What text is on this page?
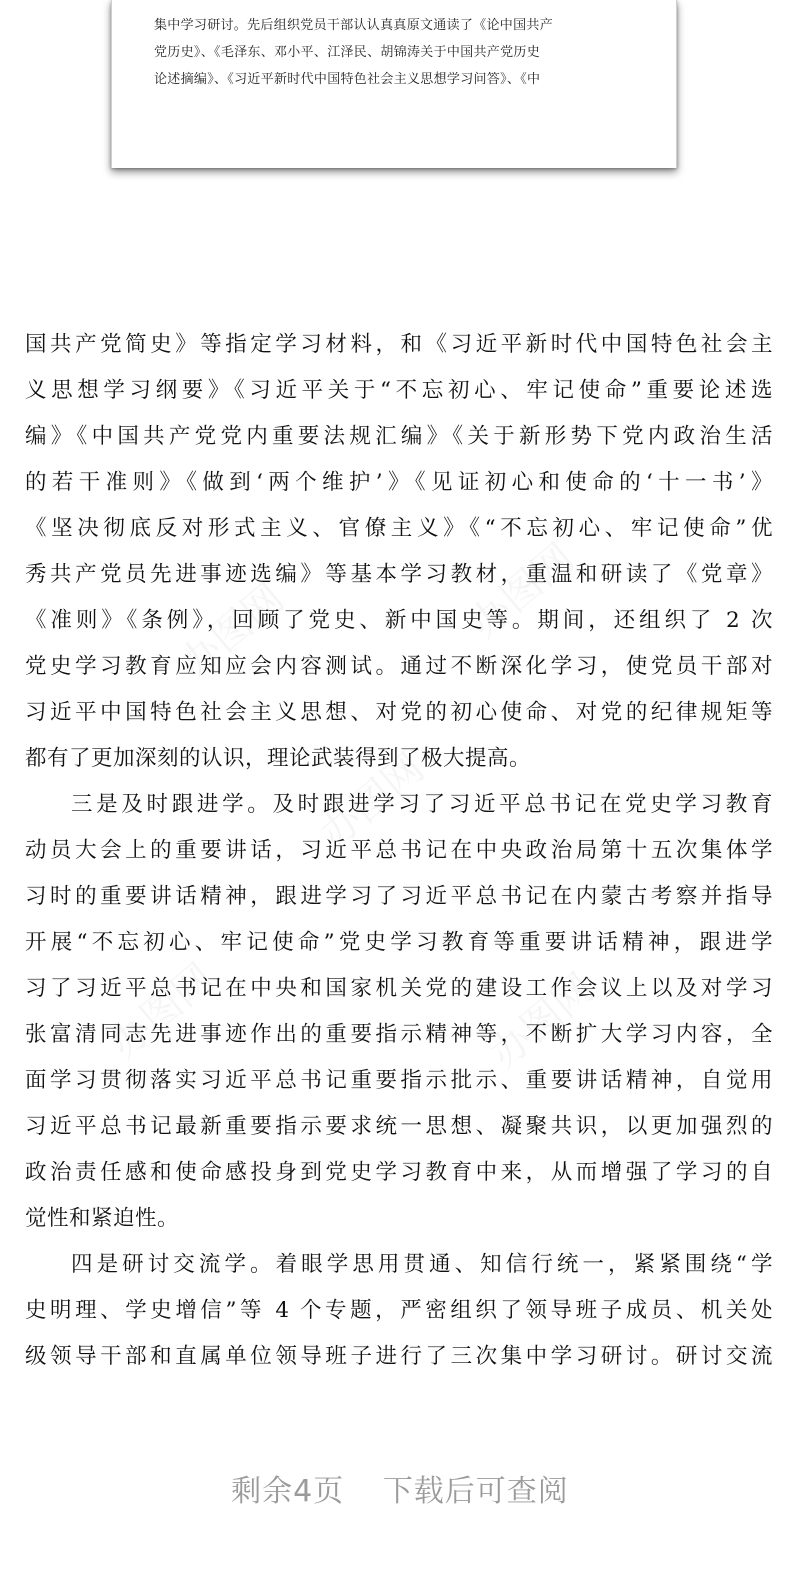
集中学习研讨。先后组织党员干部认认真真原文通读了《论中国共产
党历史》、《毛泽东、邓小平、江泽民、胡锦涛关于中国共产党历史
论述摘编》、《习近平新时代中国特色社会主义思想学习问答》、《中
办图网	办图网
办图网
办图网	办图网
国共产党简史》等指定学习材料，和《习近平新时代中国特色社会主
义思想学习纲要》《习近平关于“不忘初心、牢记使命”重要论述选
编》《中国共产党党内重要法规汇编》《关于新形势下党内政治生活
的若干准则》《做到‘两个维护’》《见证初心和使命的‘十一书’》
《坚决彻底反对形式主义、官僚主义》《“不忘初心、牢记使命”优
秀共产党员先进事迹选编》等基本学习教材，重温和研读了《党章》
《准则》《条例》，回顾了党史、新中国史等。期间，还组织了 2 次
党史学习教育应知应会内容测试。通过不断深化学习，使党员干部对
习近平中国特色社会主义思想、对党的初心使命、对党的纪律规矩等
都有了更加深刻的认识，理论武装得到了极大提高。
三是及时跟进学。及时跟进学习了习近平总书记在党史学习教育
动员大会上的重要讲话，习近平总书记在中央政治局第十五次集体学
习时的重要讲话精神，跟进学习了习近平总书记在内蒙古考察并指导
开展“不忘初心、牢记使命”党史学习教育等重要讲话精神，跟进学
习了习近平总书记在中央和国家机关党的建设工作会议上以及对学习
张富清同志先进事迹作出的重要指示精神等，不断扩大学习内容，全
面学习贯彻落实习近平总书记重要指示批示、重要讲话精神，自觉用
习近平总书记最新重要指示要求统一思想、凝聚共识，以更加强烈的
政治责任感和使命感投身到党史学习教育中来，从而增强了学习的自
觉性和紧迫性。
四是研讨交流学。着眼学思用贯通、知信行统一，紧紧围绕“学
史明理、学史增信”等 4 个专题，严密组织了领导班子成员、机关处
级领导干部和直属单位领导班子进行了三次集中学习研讨。研讨交流
剩余4页 下载后可查阅
